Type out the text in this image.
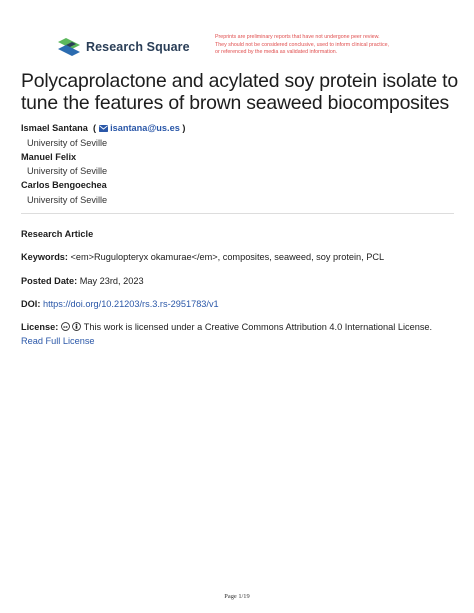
Research Square
Preprints are preliminary reports that have not undergone peer review.
They should not be considered conclusive, used to inform clinical practice,
or referenced by the media as validated information.
Polycaprolactone and acylated soy protein isolate to
tune the features of brown seaweed biocomposites
Ismael Santana ( isantana@us.es )
University of Seville
Manuel Felix
University of Seville
Carlos Bengoechea
University of Seville
Research Article
Keywords: <em>Rugulopteryx okamurae</em>, composites, seaweed, soy protein, PCL
Posted Date: May 23rd, 2023
DOI: https://doi.org/10.21203/rs.3.rs-2951783/v1
License: cc This work is licensed under a Creative Commons Attribution 4.0 International License.
Read Full License
Page 1/19
